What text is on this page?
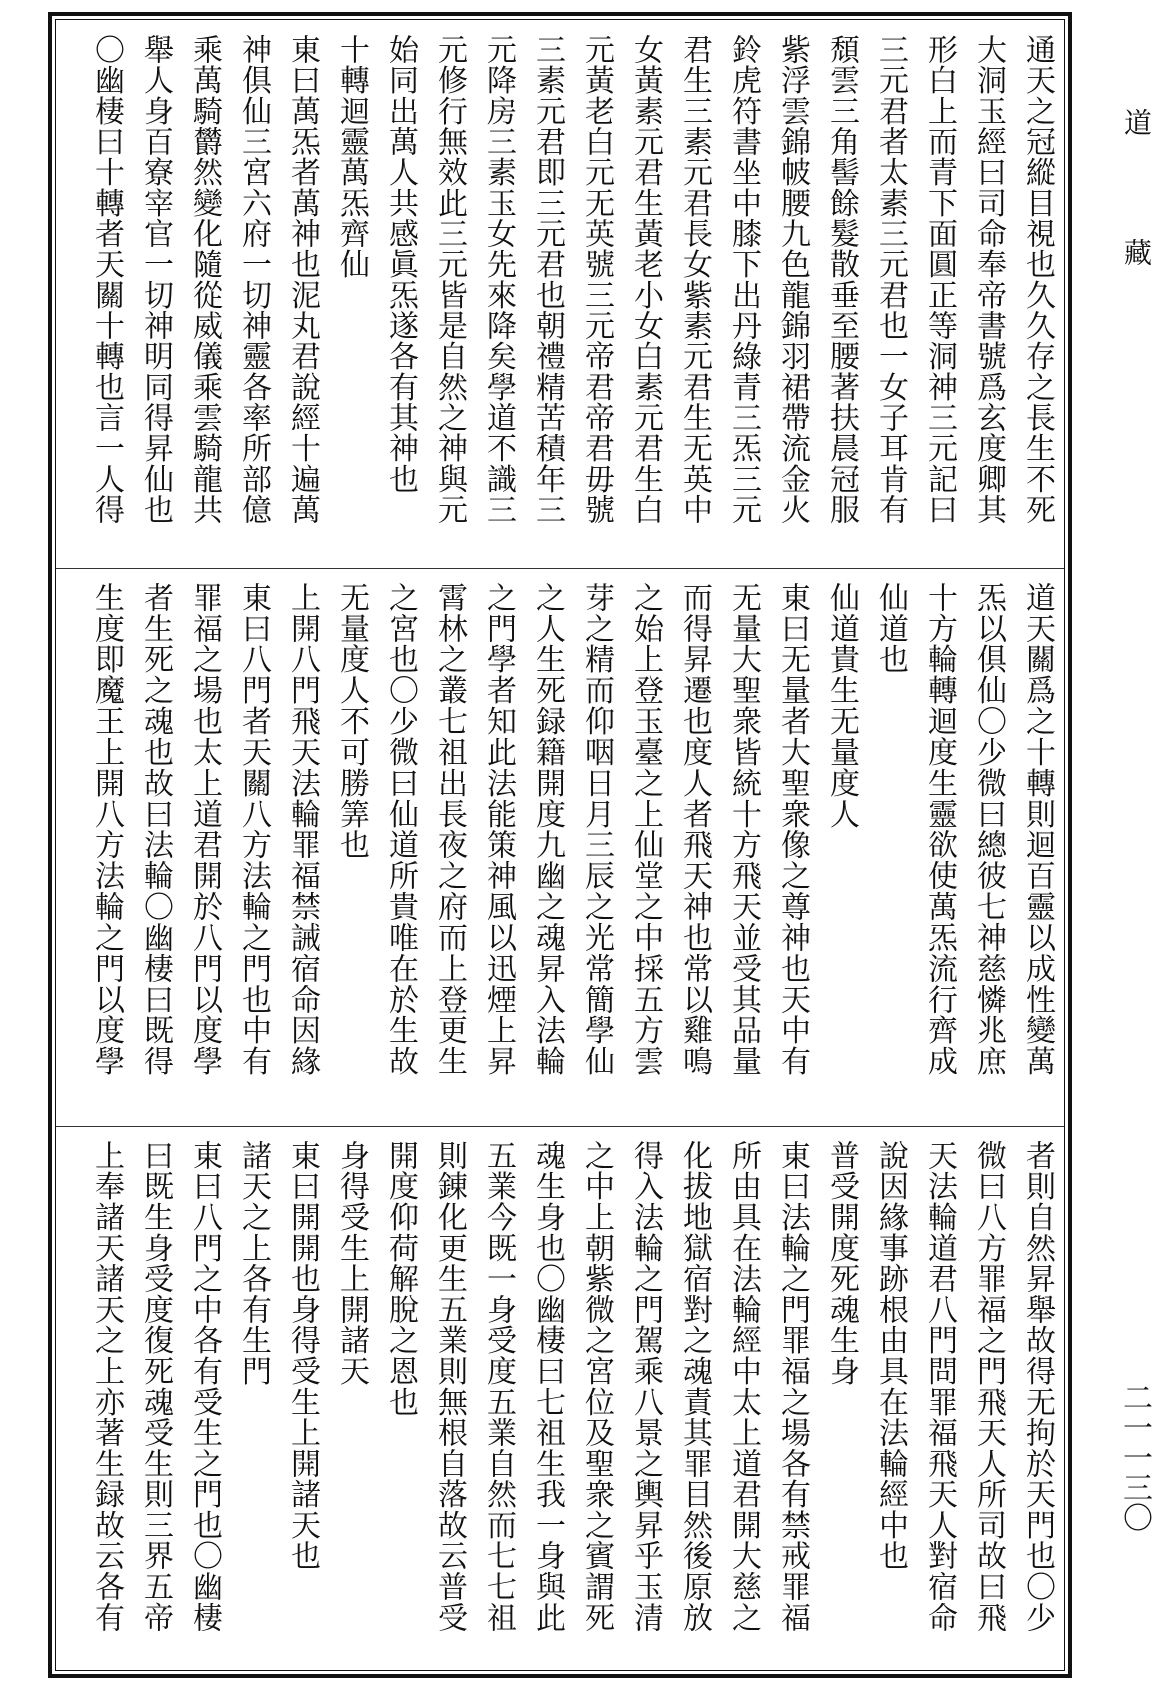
通天之冠縱目視也久久存之長生不死
大洞玉經曰司命奉帝書號爲玄度卿其
形白上而青下面圓正等洞神三元記曰
三元君者太素三元君也一女子耳肯有
頹雲三角髻餘髮散垂至腰著扶晨冠服
紫浮雲錦帔腰九色龍錦羽裙帶流金火
鈴虎符書坐中膝下出丹綠青三炁三元
君生三素元君長女紫素元君生无英中
女黃素元君生黃老小女白素元君生白
元黃老白元无英號三元帝君帝君毋號
三素元君即三元君也朝禮精苦積年三
元降房三素玉女先來降矣學道不識三
元修行無效此三元皆是自然之神與元
始同出萬人共感眞炁遂各有其神也
十轉迴靈萬炁齊仙
東曰萬炁者萬神也泥丸君說經十遍萬
神俱仙三宮六府一切神靈各率所部億
乘萬騎欝然變化隨從威儀乘雲騎龍共
舉人身百寮宰官一切神明同得昇仙也
〇幽棲曰十轉者天關十轉也言一人得
道天關爲之十轉則迴百靈以成性變萬
炁以俱仙〇少微曰總彼七神慈憐兆庶
十方輪轉迴度生靈欲使萬炁流行齊成
仙道也
仙道貴生无量度人
東曰无量者大聖衆像之尊神也天中有
无量大聖衆皆統十方飛天並受其品量
而得昇遷也度人者飛天神也常以雞鳴
之始上登玉臺之上仙堂之中採五方雲
芽之精而仰咽日月三辰之光常簡學仙
之人生死録籍開度九幽之魂昇入法輪
之門學者知此法能策神風以迅煙上昇
霄林之叢七祖出長夜之府而上登更生
之宮也〇少微曰仙道所貴唯在於生故
无量度人不可勝筭也
上開八門飛天法輪罪福禁誡宿命因緣
東曰八門者天關八方法輪之門也中有
罪福之場也太上道君開於八門以度學
者生死之魂也故曰法輪〇幽棲曰既得
生度即魔王上開八方法輪之門以度學
者則自然昇舉故得无拘於天門也〇少
微曰八方罪福之門飛天人所司故曰飛
天法輪道君八門問罪福飛天人對宿命
說因緣事跡根由具在法輪經中也
普受開度死魂生身
東曰法輪之門罪福之場各有禁戒罪福
所由具在法輪經中太上道君開大慈之
化拔地獄宿對之魂責其罪目然後原放
得入法輪之門駕乘八景之輿昇乎玉清
之中上朝紫微之宮位及聖衆之賓謂死
魂生身也〇幽棲曰七祖生我一身與此
五業今既一身受度五業自然而七七祖
則錬化更生五業則無根自落故云普受
開度仰荷解脫之恩也
身得受生上開諸天
東曰開開也身得受生上開諸天也
諸天之上各有生門
東曰八門之中各有受生之門也〇幽棲
曰既生身受度復死魂受生則三界五帝
上奉諸天諸天之上亦著生録故云各有
道
藏
二一一三〇
